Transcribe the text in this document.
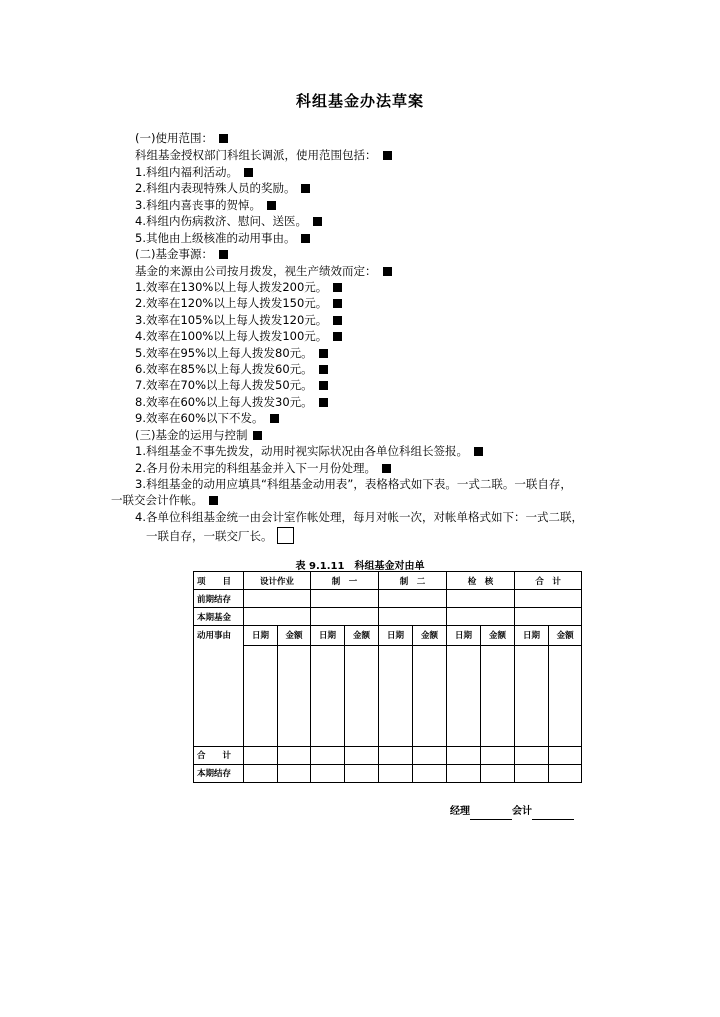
科组基金办法草案
(一)使用范围：
科组基金授权部门科组长调派，使用范围包括：
1.科组内福利活动。
2.科组内表现特殊人员的奖励。
3.科组内喜丧事的贺悼。
4.科组内伤病救济、慰问、送医。
5.其他由上级核准的动用事由。
(二)基金事源：
基金的来源由公司按月拨发，视生产绩效而定：
1.效率在130%以上每人拨发200元。
2.效率在120%以上每人拨发150元。
3.效率在105%以上每人拨发120元。
4.效率在100%以上每人拨发100元。
5.效率在95%以上每人拨发80元。
6.效率在85%以上每人拨发60元。
7.效率在70%以上每人拨发50元。
8.效率在60%以上每人拨发30元。
9.效率在60%以下不发。
(三)基金的运用与控制
1.科组基金不事先拨发，动用时视实际状况由各单位科组长签报。
2.各月份未用完的科组基金并入下一月份处理。
3.科组基金的动用应填具“科组基金动用表”，表格格式如下表。一式二联。一联自存，
一联交会计作帐。
4.各单位科组基金统一由会计室作帐处理，每月对帐一次，对帐单格式如下：一式二联，
一联自存，一联交厂长。
表 9.1.11　科组基金对由单
项　　目	设计作业		制　一		制　二		检　核		合　计	
前期结存										
本期基金										
动用事由	日期	金额	日期	金额	日期	金额	日期	金额	日期	金额

合　　计										
本期结存										
经理	会计
